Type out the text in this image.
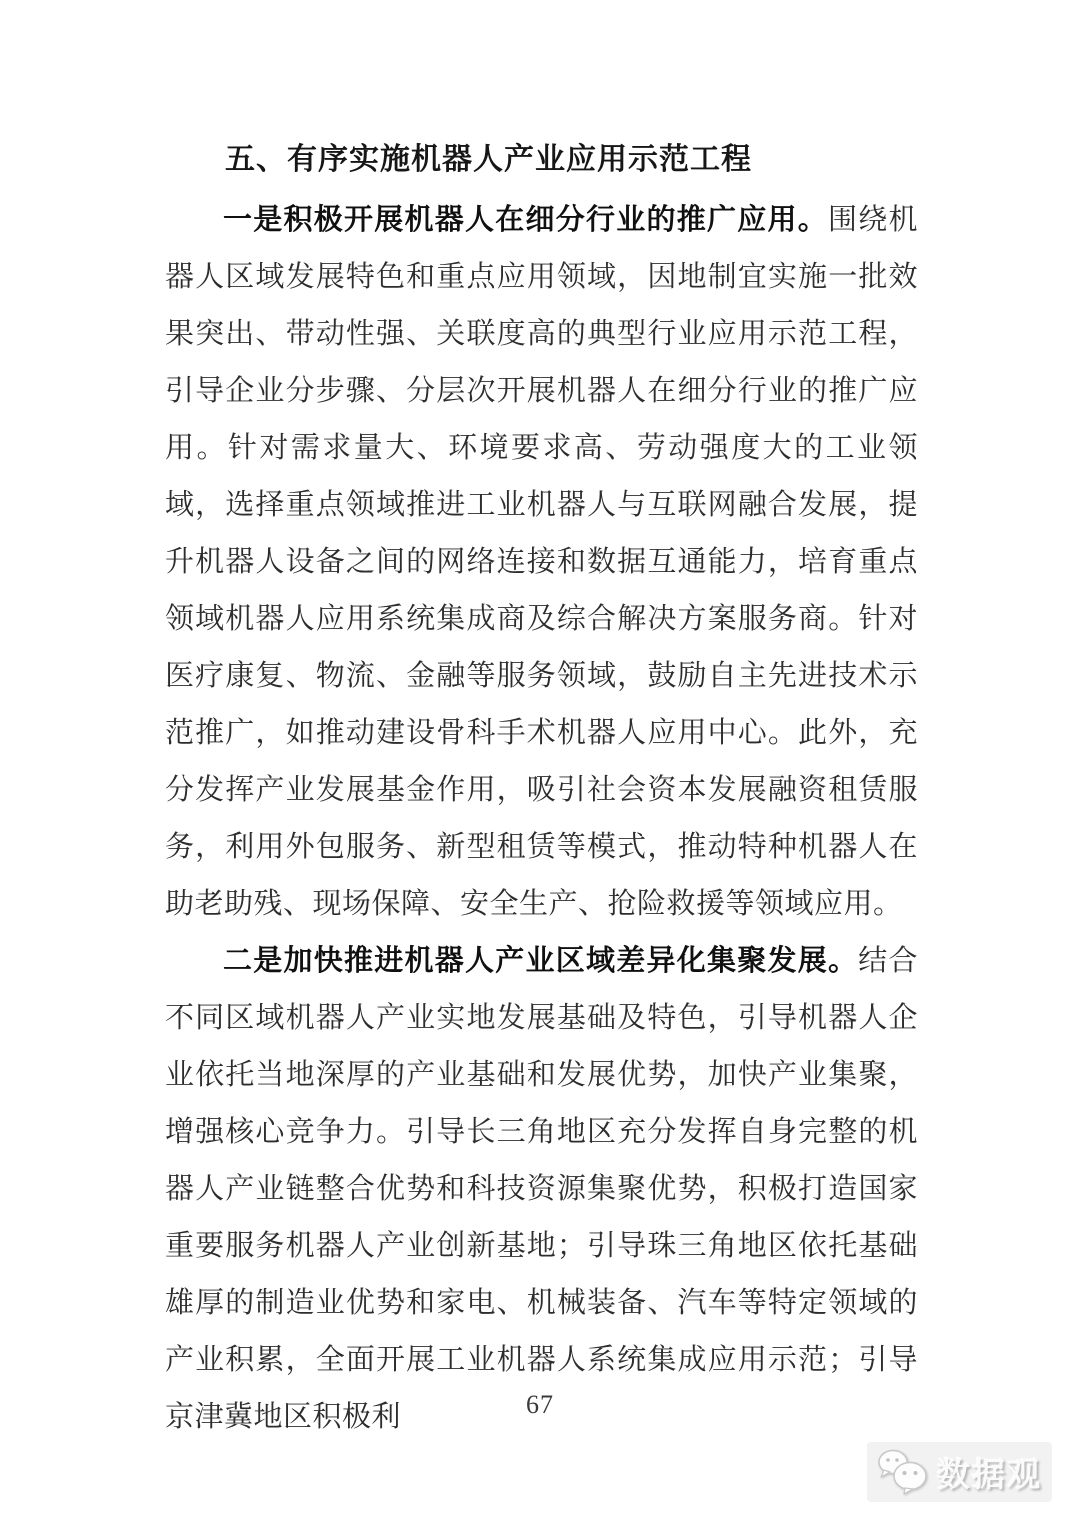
五、有序实施机器人产业应用示范工程

一是积极开展机器人在细分行业的推广应用。围绕机器人区域发展特色和重点应用领域，因地制宜实施一批效果突出、带动性强、关联度高的典型行业应用示范工程，引导企业分步骤、分层次开展机器人在细分行业的推广应用。针对需求量大、环境要求高、劳动强度大的工业领域，选择重点领域推进工业机器人与互联网融合发展，提升机器人设备之间的网络连接和数据互通能力，培育重点领域机器人应用系统集成商及综合解决方案服务商。针对医疗康复、物流、金融等服务领域，鼓励自主先进技术示范推广，如推动建设骨科手术机器人应用中心。此外，充分发挥产业发展基金作用，吸引社会资本发展融资租赁服务，利用外包服务、新型租赁等模式，推动特种机器人在助老助残、现场保障、安全生产、抢险救援等领域应用。

二是加快推进机器人产业区域差异化集聚发展。结合不同区域机器人产业实地发展基础及特色，引导机器人企业依托当地深厚的产业基础和发展优势，加快产业集聚，增强核心竞争力。引导长三角地区充分发挥自身完整的机器人产业链整合优势和科技资源集聚优势，积极打造国家重要服务机器人产业创新基地；引导珠三角地区依托基础雄厚的制造业优势和家电、机械装备、汽车等特定领域的产业积累，全面开展工业机器人系统集成应用示范；引导京津冀地区积极利	67
数据观
